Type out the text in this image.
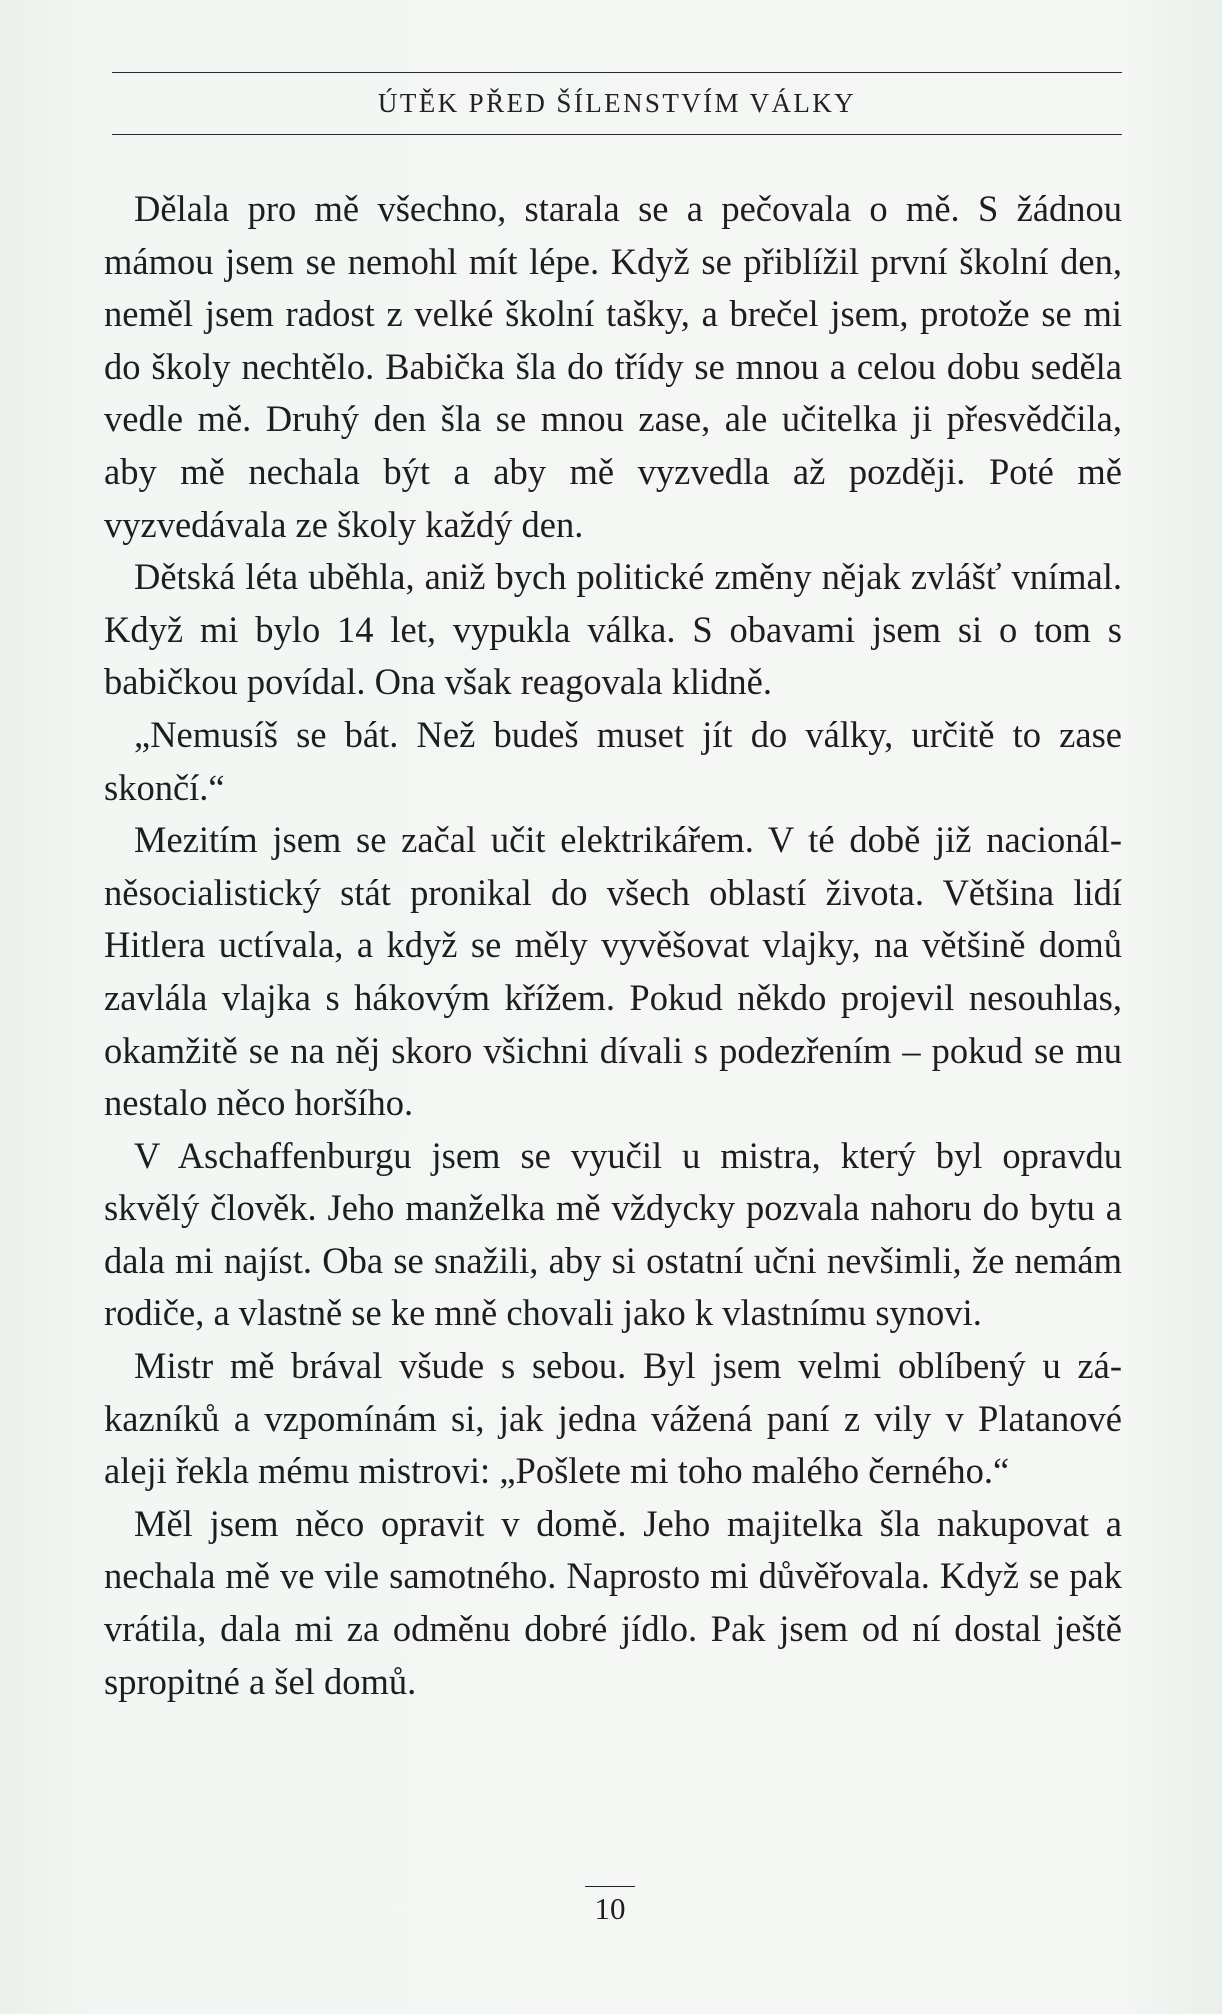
ÚTĚK PŘED ŠÍLENSTVÍM VÁLKY

Dělala pro mě všechno, starala se a pečovala o mě. S žádnou mámou jsem se nemohl mít lépe. Když se přiblížil první školní den, neměl jsem radost z velké školní tašky, a brečel jsem, protože se mi do školy nechtělo. Babička šla do třídy se mnou a celou dobu seděla vedle mě. Druhý den šla se mnou zase, ale učitelka ji přesvědčila, aby mě nechala být a aby mě vyzvedla až později. Poté mě vyzvedávala ze školy každý den.

Dětská léta uběhla, aniž bych politické změny nějak zvlášť vnímal. Když mi bylo 14 let, vypukla válka. S obavami jsem si o tom s babičkou povídal. Ona však reagovala klidně.

„Nemusíš se bát. Než budeš muset jít do války, určitě to zase skončí.“

Mezitím jsem se začal učit elektrikářem. V té době již nacionálněsocialistický stát pronikal do všech oblastí života. Většina lidí Hitlera uctívala, a když se měly vyvěšovat vlajky, na většině domů zavlála vlajka s hákovým křížem. Pokud někdo projevil nesouhlas, okamžitě se na něj skoro všichni dívali s podezřením – pokud se mu nestalo něco horšího.

V Aschaffenburgu jsem se vyučil u mistra, který byl opravdu skvělý člověk. Jeho manželka mě vždycky pozvala nahoru do bytu a dala mi najíst. Oba se snažili, aby si ostatní učni nevšimli, že nemám rodiče, a vlastně se ke mně chovali jako k vlastnímu synovi.

Mistr mě brával všude s sebou. Byl jsem velmi oblíbený u zákazníků a vzpomínám si, jak jedna vážená paní z vily v Platanové aleji řekla mému mistrovi: „Pošlete mi toho malého černého.“

Měl jsem něco opravit v domě. Jeho majitelka šla nakupovat a nechala mě ve vile samotného. Naprosto mi důvěřovala. Když se pak vrátila, dala mi za odměnu dobré jídlo. Pak jsem od ní dostal ještě spropitné a šel domů.

10
